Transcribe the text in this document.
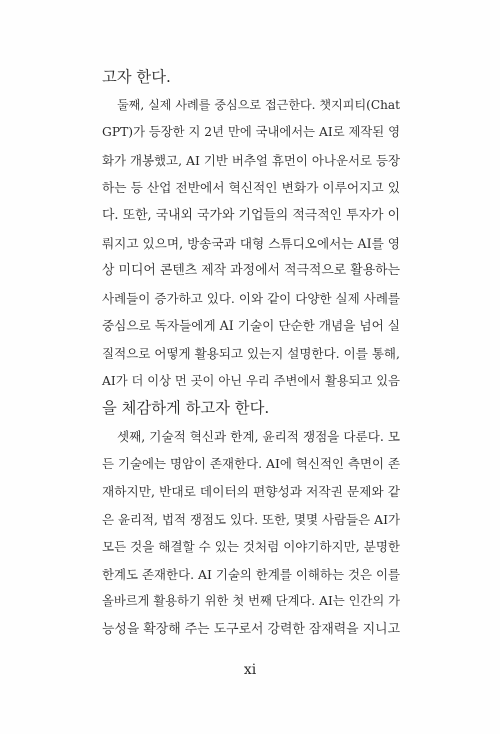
고자 한다.
둘째, 실제 사례를 중심으로 접근한다. 챗지피티(Chat
GPT)가 등장한 지 2년 만에 국내에서는 AI로 제작된 영
화가 개봉했고, AI 기반 버추얼 휴먼이 아나운서로 등장
하는 등 산업 전반에서 혁신적인 변화가 이루어지고 있
다. 또한, 국내외 국가와 기업들의 적극적인 투자가 이
뤄지고 있으며, 방송국과 대형 스튜디오에서는 AI를 영
상 미디어 콘텐츠 제작 과정에서 적극적으로 활용하는
사례들이 증가하고 있다. 이와 같이 다양한 실제 사례를
중심으로 독자들에게 AI 기술이 단순한 개념을 넘어 실
질적으로 어떻게 활용되고 있는지 설명한다. 이를 통해,
AI가 더 이상 먼 곳이 아닌 우리 주변에서 활용되고 있음
을 체감하게 하고자 한다.
셋째, 기술적 혁신과 한계, 윤리적 쟁점을 다룬다. 모
든 기술에는 명암이 존재한다. AI에 혁신적인 측면이 존
재하지만, 반대로 데이터의 편향성과 저작권 문제와 같
은 윤리적, 법적 쟁점도 있다. 또한, 몇몇 사람들은 AI가
모든 것을 해결할 수 있는 것처럼 이야기하지만, 분명한
한계도 존재한다. AI 기술의 한계를 이해하는 것은 이를
올바르게 활용하기 위한 첫 번째 단계다. AI는 인간의 가
능성을 확장해 주는 도구로서 강력한 잠재력을 지니고
xi
